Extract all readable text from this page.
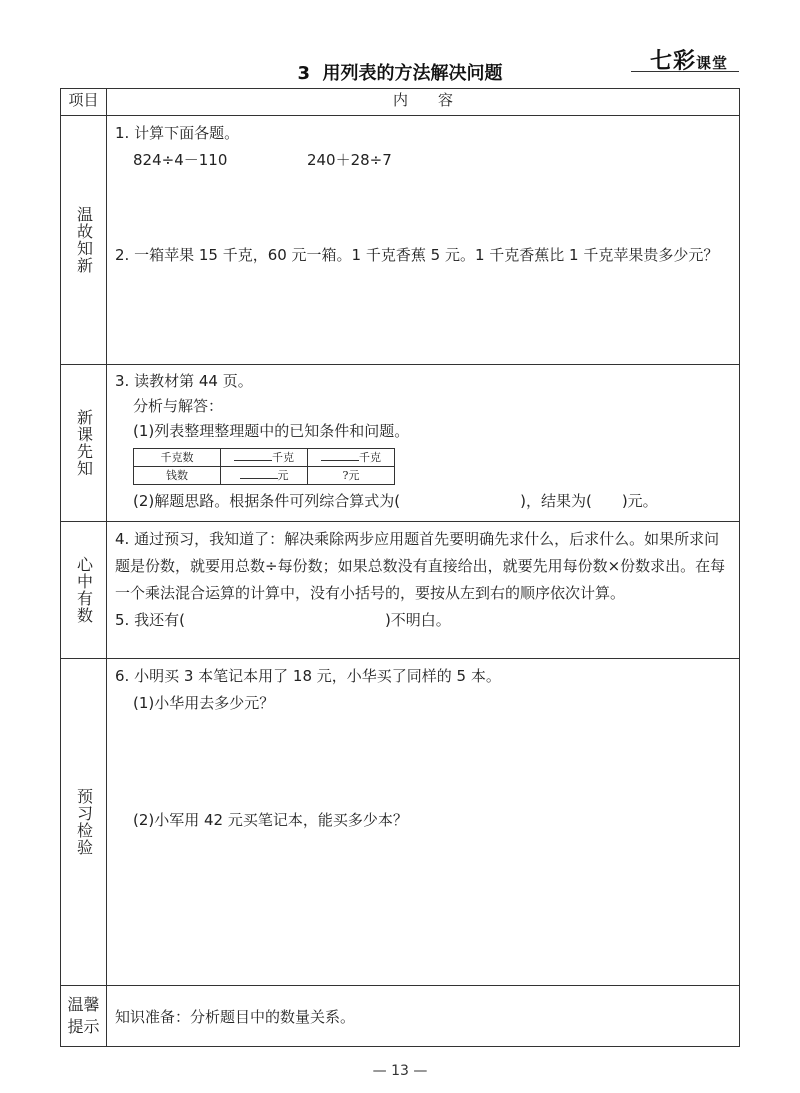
七彩课堂
3  用列表的方法解决问题
项目	内容

温故知新

1. 计算下面各题。

824÷4－110	240＋28÷7

2. 一箱苹果 15 千克，60 元一箱。1 千克香蕉 5 元。1 千克香蕉比 1 千克苹果贵多少元？

新课先知

3. 读教材第 44 页。

分析与解答：

(1)列表整理整理题中的已知条件和问题。

千克数	千克	千克
钱数	元	?元

(2)解题思路。根据条件可列综合算式为(	)，结果为( )元。

心中有数

4. 通过预习，我知道了：解决乘除两步应用题首先要明确先求什么，后求什么。如果所求问题是份数，就要用总数÷每份数；如果总数没有直接给出，就要先用每份数×份数求出。在每一个乘法混合运算的计算中，没有小括号的，要按从左到右的顺序依次计算。

5. 我还有(	)不明白。

预习检验

6. 小明买 3 本笔记本用了 18 元，小华买了同样的 5 本。

(1)小华用去多少元？

(2)小军用 42 元买笔记本，能买多少本？

温馨提示
	知识准备：分析题目中的数量关系。
— 13 —
